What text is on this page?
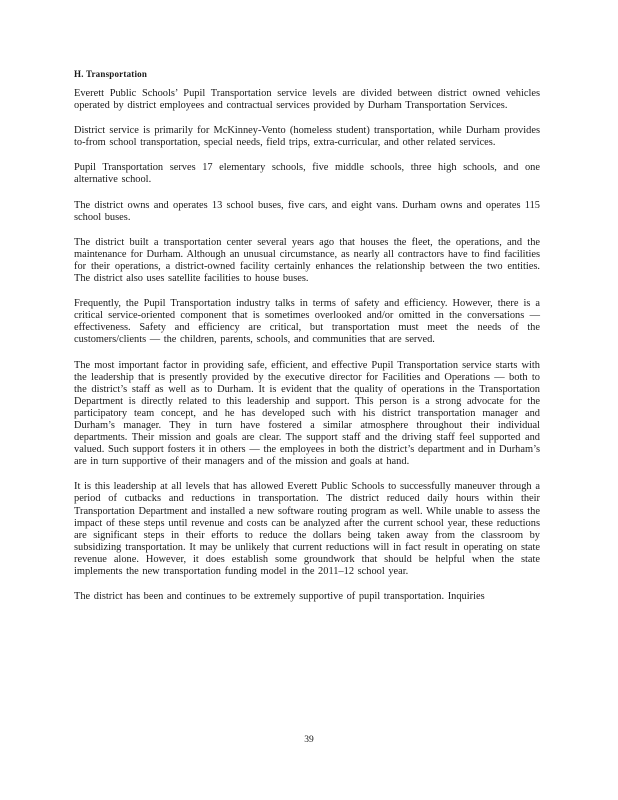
H. Transportation

Everett Public Schools’ Pupil Transportation service levels are divided between district owned vehicles operated by district employees and contractual services provided by Durham Transportation Services.

District service is primarily for McKinney-Vento (homeless student) transportation, while Durham provides to-from school transportation, special needs, field trips, extra-curricular, and other related services.

Pupil Transportation serves 17 elementary schools, five middle schools, three high schools, and one alternative school.

The district owns and operates 13 school buses, five cars, and eight vans. Durham owns and operates 115 school buses.

The district built a transportation center several years ago that houses the fleet, the operations, and the maintenance for Durham. Although an unusual circumstance, as nearly all contractors have to find facilities for their operations, a district-owned facility certainly enhances the relationship between the two entities. The district also uses satellite facilities to house buses.

Frequently, the Pupil Transportation industry talks in terms of safety and efficiency. However, there is a critical service-oriented component that is sometimes overlooked and/or omitted in the conversations — effectiveness. Safety and efficiency are critical, but transportation must meet the needs of the customers/clients — the children, parents, schools, and communities that are served.

The most important factor in providing safe, efficient, and effective Pupil Transportation service starts with the leadership that is presently provided by the executive director for Facilities and Operations — both to the district’s staff as well as to Durham. It is evident that the quality of operations in the Transportation Department is directly related to this leadership and support. This person is a strong advocate for the participatory team concept, and he has developed such with his district transportation manager and Durham’s manager. They in turn have fostered a similar atmosphere throughout their individual departments. Their mission and goals are clear. The support staff and the driving staff feel supported and valued. Such support fosters it in others — the employees in both the district’s department and in Durham’s are in turn supportive of their managers and of the mission and goals at hand.

It is this leadership at all levels that has allowed Everett Public Schools to successfully maneuver through a period of cutbacks and reductions in transportation. The district reduced daily hours within their Transportation Department and installed a new software routing program as well. While unable to assess the impact of these steps until revenue and costs can be analyzed after the current school year, these reductions are significant steps in their efforts to reduce the dollars being taken away from the classroom by subsidizing transportation. It may be unlikely that current reductions will in fact result in operating on state revenue alone. However, it does establish some groundwork that should be helpful when the state implements the new transportation funding model in the 2011–12 school year.

The district has been and continues to be extremely supportive of pupil transportation. Inquiries

39
